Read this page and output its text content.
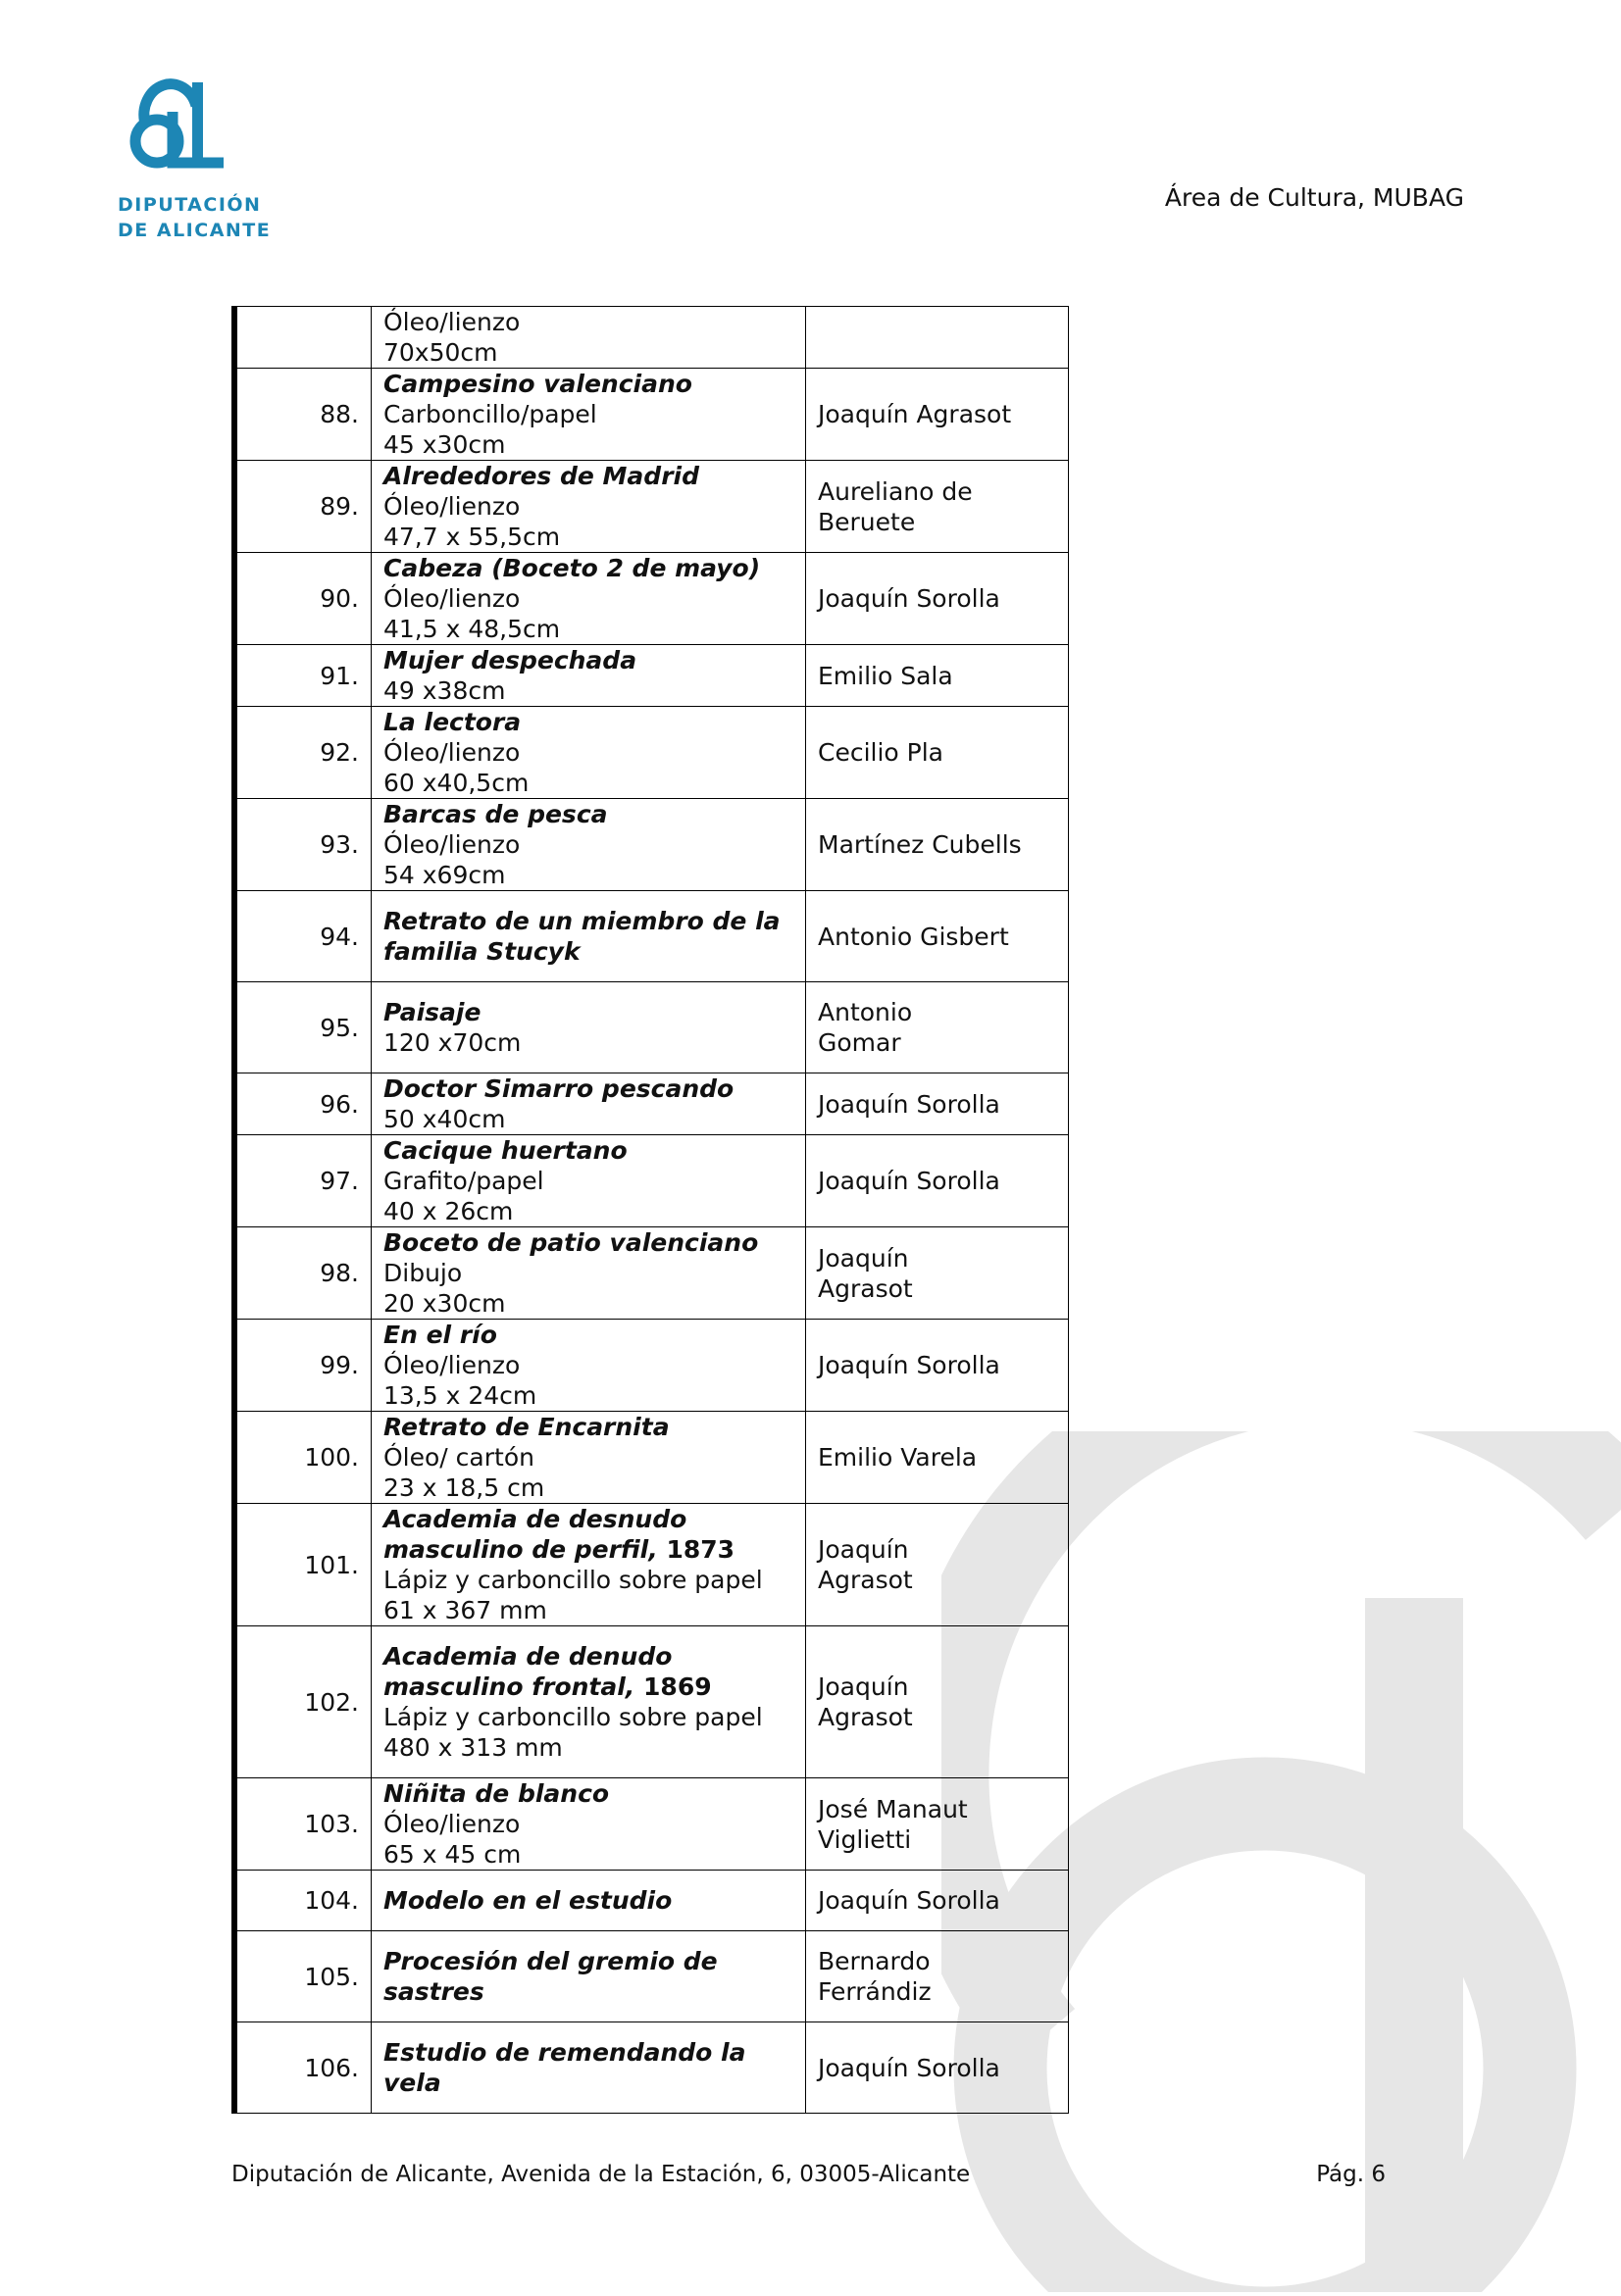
DIPUTACIÓN
DE ALICANTE
Área de Cultura, MUBAG

	Óleo/lienzo
70x50cm	

88.	Campesino valenciano
Carboncillo/papel
45 x30cm	Joaquín Agrasot

89.	Alrededores de Madrid
Óleo/lienzo
47,7 x 55,5cm	Aureliano de
Beruete

90.	Cabeza (Boceto 2 de mayo)
Óleo/lienzo
41,5 x 48,5cm	Joaquín Sorolla

91.	Mujer despechada
49 x38cm	Emilio Sala

92.	La lectora
Óleo/lienzo
60 x40,5cm	Cecilio Pla

93.	Barcas de pesca
Óleo/lienzo
54 x69cm	Martínez Cubells

94.	Retrato de un miembro de la familia Stucyk	Antonio Gisbert

95.	Paisaje
120 x70cm	Antonio
Gomar

96.	Doctor Simarro pescando
50 x40cm	Joaquín Sorolla

97.	Cacique huertano
Grafito/papel
40 x 26cm	Joaquín Sorolla

98.	Boceto de patio valenciano
Dibujo
20 x30cm	Joaquín
Agrasot

99.	En el río
Óleo/lienzo
13,5 x 24cm	Joaquín Sorolla

100.	Retrato de Encarnita
Óleo/ cartón
23 x 18,5 cm	Emilio Varela

101.	Academia de desnudo masculino de perfil, 1873
Lápiz y carboncillo sobre papel
61 x 367 mm	Joaquín
Agrasot

102.	Academia de denudo masculino frontal, 1869
Lápiz y carboncillo sobre papel
480 x 313 mm	Joaquín
Agrasot

103.	Niñita de blanco
Óleo/lienzo
65 x 45 cm	José Manaut
Viglietti

104.	Modelo en el estudio	Joaquín Sorolla

105.	Procesión del gremio de sastres	Bernardo
Ferrándiz

106.	Estudio de remendando la vela	Joaquín Sorolla
Diputación de Alicante, Avenida de la Estación, 6, 03005-Alicante	Pág. 6
